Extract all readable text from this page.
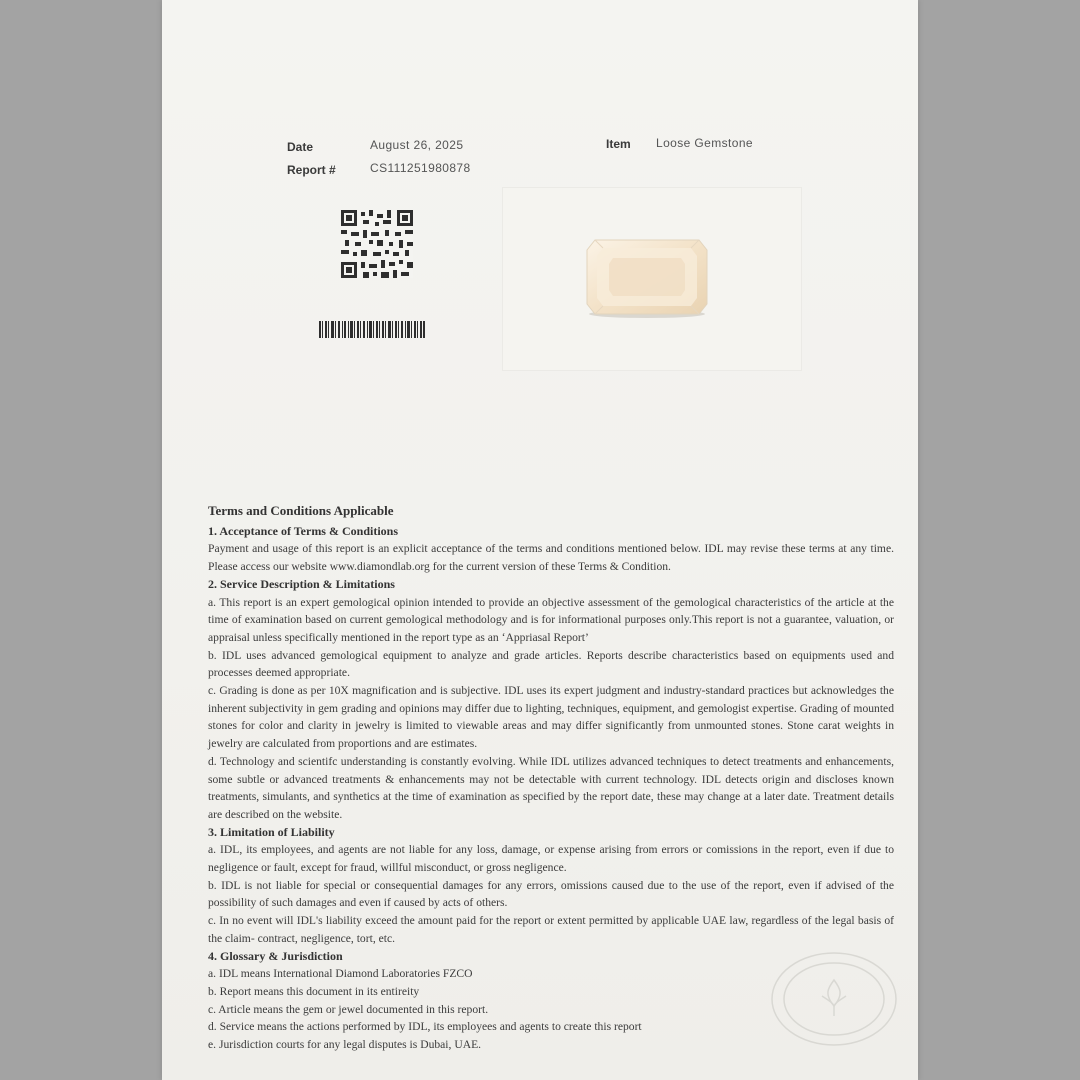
Date	August 26, 2025
Report #	CS111251980878
Item Loose Gemstone
Terms and Conditions Applicable
1. Acceptance of Terms & Conditions

Payment and usage of this report is an explicit acceptance of the terms and conditions mentioned below. IDL may revise these terms at any time. Please access our website www.diamondlab.org for the current version of these Terms & Condition.

2. Service Description & Limitations

a. This report is an expert gemological opinion intended to provide an objective assessment of the gemological characteristics of the article at the time of examination based on current gemological methodology and is for informational purposes only.This report is not a guarantee, valuation, or appraisal unless specifically mentioned in the report type as an ‘Appriasal Report’

b. IDL uses advanced gemological equipment to analyze and grade articles. Reports describe characteristics based on equipments used and processes deemed appropriate.

c. Grading is done as per 10X magnification and is subjective. IDL uses its expert judgment and industry-standard practices but acknowledges the inherent subjectivity in gem grading and opinions may differ due to lighting, techniques, equipment, and gemologist expertise. Grading of mounted stones for color and clarity in jewelry is limited to viewable areas and may differ significantly from unmounted stones. Stone carat weights in jewelry are calculated from proportions and are estimates.

d. Technology and scientifc understanding is constantly evolving. While IDL utilizes advanced techniques to detect treatments and enhancements, some subtle or advanced treatments & enhancements may not be detectable with current technology. IDL detects origin and discloses known treatments, simulants, and synthetics at the time of examination as specified by the report date, these may change at a later date. Treatment details are described on the website.

3. Limitation of Liability

a. IDL, its employees, and agents are not liable for any loss, damage, or expense arising from errors or comissions in the report, even if due to negligence or fault, except for fraud, willful misconduct, or gross negligence.

b. IDL is not liable for special or consequential damages for any errors, omissions caused due to the use of the report, even if advised of the possibility of such damages and even if caused by acts of others.

c. In no event will IDL's liability exceed the amount paid for the report or extent permitted by applicable UAE law, regardless of the legal basis of the claim- contract, negligence, tort, etc.

4. Glossary & Jurisdiction

a. IDL means International Diamond Laboratories FZCO

b. Report means this document in its entireity

c. Article means the gem or jewel documented in this report.

d. Service means the actions performed by IDL, its employees and agents to create this report

e. Jurisdiction courts for any legal disputes is Dubai, UAE.
